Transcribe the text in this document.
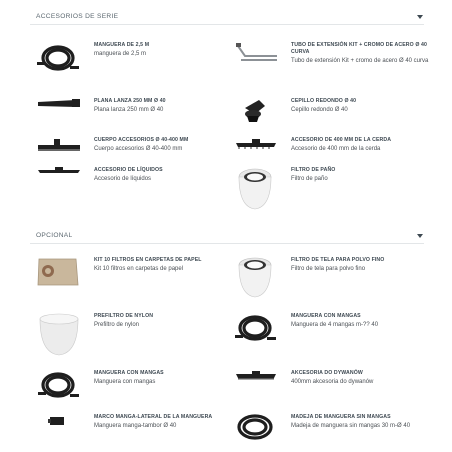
ACCESORIOS DE SERIE
MANGUERA DE 2,5 M
manguera de 2,5 m
TUBO DE EXTENSIÓN KIT + CROMO DE ACERO Ø 40 CURVA
Tubo de extensión Kit + cromo de acero Ø 40 curva
PLANA LANZA 250 MM Ø 40
Plana lanza 250 mm Ø 40
CEPILLO REDONDO Ø 40
Cepillo redondo Ø 40
CUERPO ACCESORIOS Ø 40-400 MM
Cuerpo accesorios Ø 40-400 mm
ACCESORIO DE 400 MM DE LA CERDA
Accesorio de 400 mm de la cerda
ACCESORIO DE LÍQUIDOS
Accesorio de líquidos
FILTRO DE PAÑO
Filtro de paño
OPCIONAL
KIT 10 FILTROS EN CARPETAS DE PAPEL
Kit 10 filtros en carpetas de papel
FILTRO DE TELA PARA POLVO FINO
Filtro de tela para polvo fino
PREFILTRO DE NYLON
Prefiltro de nylon
MANGUERA CON MANGAS
Manguera de 4 mangas m-?? 40
MANGUERA CON MANGAS
Manguera con mangas
AKCESORIA DO DYWANÓW
400mm akcesoria do dywanów
MARCO MANGA-LATERAL DE LA MANGUERA
Manguera manga-tambor Ø 40
MADEJA DE MANGUERA SIN MANGAS
Madeja de manguera sin mangas 30 m-Ø 40
